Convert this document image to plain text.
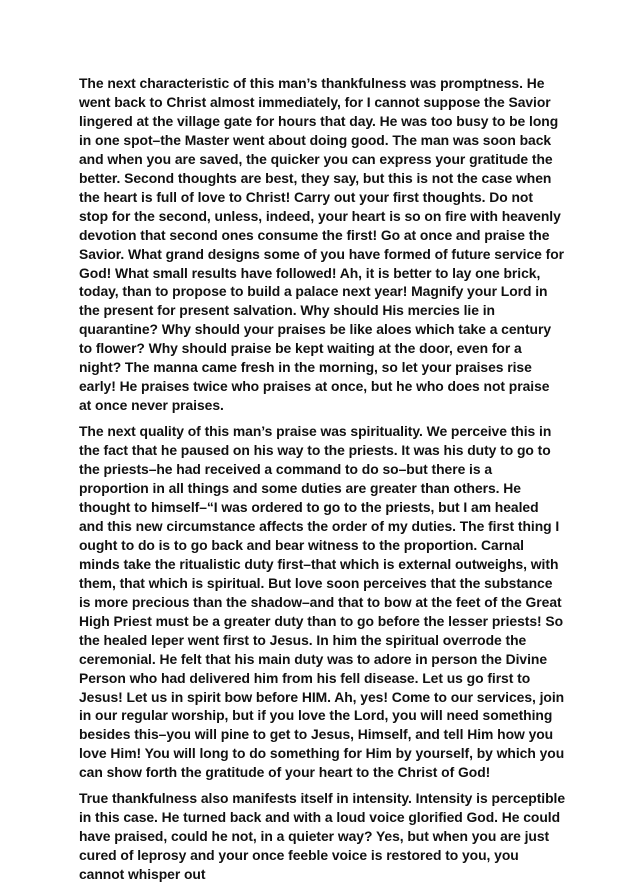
The next characteristic of this man’s thankfulness was promptness. He went back to Christ almost immediately, for I cannot suppose the Savior lingered at the village gate for hours that day. He was too busy to be long in one spot–the Master went about doing good. The man was soon back and when you are saved, the quicker you can express your gratitude the better. Second thoughts are best, they say, but this is not the case when the heart is full of love to Christ! Carry out your first thoughts. Do not stop for the second, unless, indeed, your heart is so on fire with heavenly devotion that second ones consume the first! Go at once and praise the Savior. What grand designs some of you have formed of future service for God! What small results have followed! Ah, it is better to lay one brick, today, than to propose to build a palace next year! Magnify your Lord in the present for present salvation. Why should His mercies lie in quarantine? Why should your praises be like aloes which take a century to flower? Why should praise be kept waiting at the door, even for a night? The manna came fresh in the morning, so let your praises rise early! He praises twice who praises at once, but he who does not praise at once never praises.

The next quality of this man’s praise was spirituality. We perceive this in the fact that he paused on his way to the priests. It was his duty to go to the priests–he had received a command to do so–but there is a proportion in all things and some duties are greater than others. He thought to himself–“I was ordered to go to the priests, but I am healed and this new circumstance affects the order of my duties. The first thing I ought to do is to go back and bear witness to the proportion. Carnal minds take the ritualistic duty first–that which is external outweighs, with them, that which is spiritual. But love soon perceives that the substance is more precious than the shadow–and that to bow at the feet of the Great High Priest must be a greater duty than to go before the lesser priests! So the healed leper went first to Jesus. In him the spiritual overrode the ceremonial. He felt that his main duty was to adore in person the Divine Person who had delivered him from his fell disease. Let us go first to Jesus! Let us in spirit bow before HIM. Ah, yes! Come to our services, join in our regular worship, but if you love the Lord, you will need something besides this–you will pine to get to Jesus, Himself, and tell Him how you love Him! You will long to do something for Him by yourself, by which you can show forth the gratitude of your heart to the Christ of God!

True thankfulness also manifests itself in intensity. Intensity is perceptible in this case. He turned back and with a loud voice glorified God. He could have praised, could he not, in a quieter way? Yes, but when you are just cured of leprosy and your once feeble voice is restored to you, you cannot whisper out
